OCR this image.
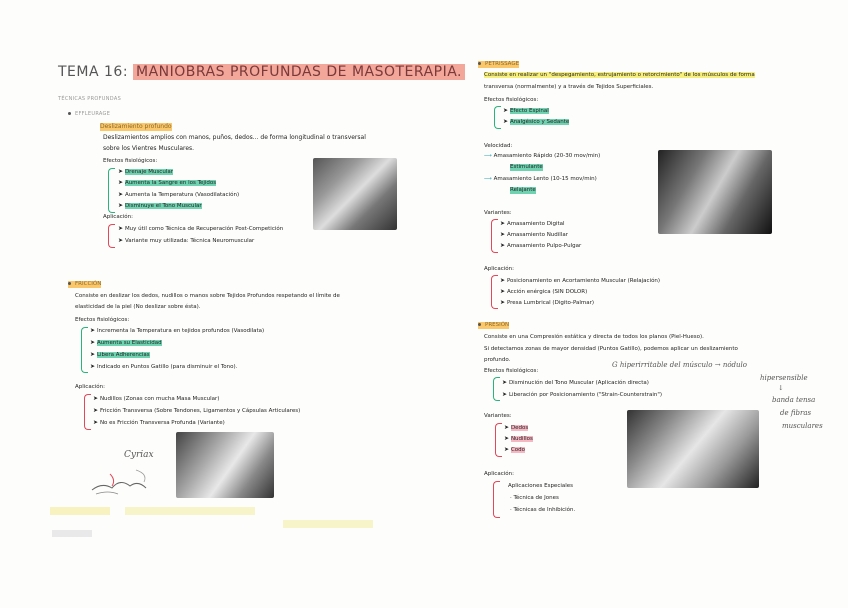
TEMA 16: MANIOBRAS PROFUNDAS DE MASOTERAPIA.
TÉCNICAS PROFUNDAS
EFFLEURAGE
Deslizamiento profundo
Deslizamientos amplios con manos, puños, dedos... de forma longitudinal o transversal
sobre los Vientres Musculares.
Efectos fisiológicos:
➤ Drenaje Muscular
➤ Aumenta la Sangre en los Tejidos
➤ Aumenta la Temperatura (Vasodilatación)
➤ Disminuye el Tono Muscular
Aplicación:
➤ Muy útil como Técnica de Recuperación Post-Competición
➤ Variante muy utilizada: Técnica Neuromuscular
FRICCIÓN
Consiste en deslizar los dedos, nudillos o manos sobre Tejidos Profundos respetando el límite de
elasticidad de la piel (No deslizar sobre ésta).
Efectos fisiológicos:
➤ Incrementa la Temperatura en tejidos profundos (Vasodilata)
➤ Aumenta su Elasticidad
➤ Libera Adherencias
➤ Indicado en Puntos Gatillo (para disminuir el Tono).
Aplicación:
➤ Nudillos (Zonas con mucha Masa Muscular)
➤ Fricción Transversa (Sobre Tendones, Ligamentos y Cápsulas Articulares)
➤ No es Fricción Transversa Profunda (Variante)
Cyriax
PETRISSAGE
Consiste en realizar un "despegamiento, estrujamiento o retorcimiento" de los músculos de forma
transversa (normalmente) y a través de Tejidos Superficiales.
Efectos fisiológicos:
➤ Efecto Espinal
➤ Analgésico y Sedante
Velocidad:
⟶ Amasamiento Rápido (20-30 mov/min)
Estimulante
⟶ Amasamiento Lento (10-15 mov/min)
Relajante
Variantes:
➤ Amasamiento Digital
➤ Amasamiento Nudillar
➤ Amasamiento Pulpo-Pulgar
Aplicación:
➤ Posicionamiento en Acortamiento Muscular (Relajación)
➤ Acción enérgica (SIN DOLOR)
➤ Presa Lumbrical (Digito-Palmar)
PRESIÓN
Consiste en una Compresión estática y directa de todos los planos (Piel-Hueso).
Si detectamos zonas de mayor densidad (Puntos Gatillo), podemos aplicar un deslizamiento
profundo.
Efectos fisiológicos:
➤ Disminución del Tono Muscular (Aplicación directa)
➤ Liberación por Posicionamiento ("Strain-Counterstrain")
Variantes:
➤ Dedos
➤ Nudillos
➤ Codo
Aplicación:
Aplicaciones Especiales
· Técnica de Jones
· Técnicas de Inhibición.
G hiperirritable del músculo → nódulo
hipersensible
↓
banda tensa
de fibras
musculares
